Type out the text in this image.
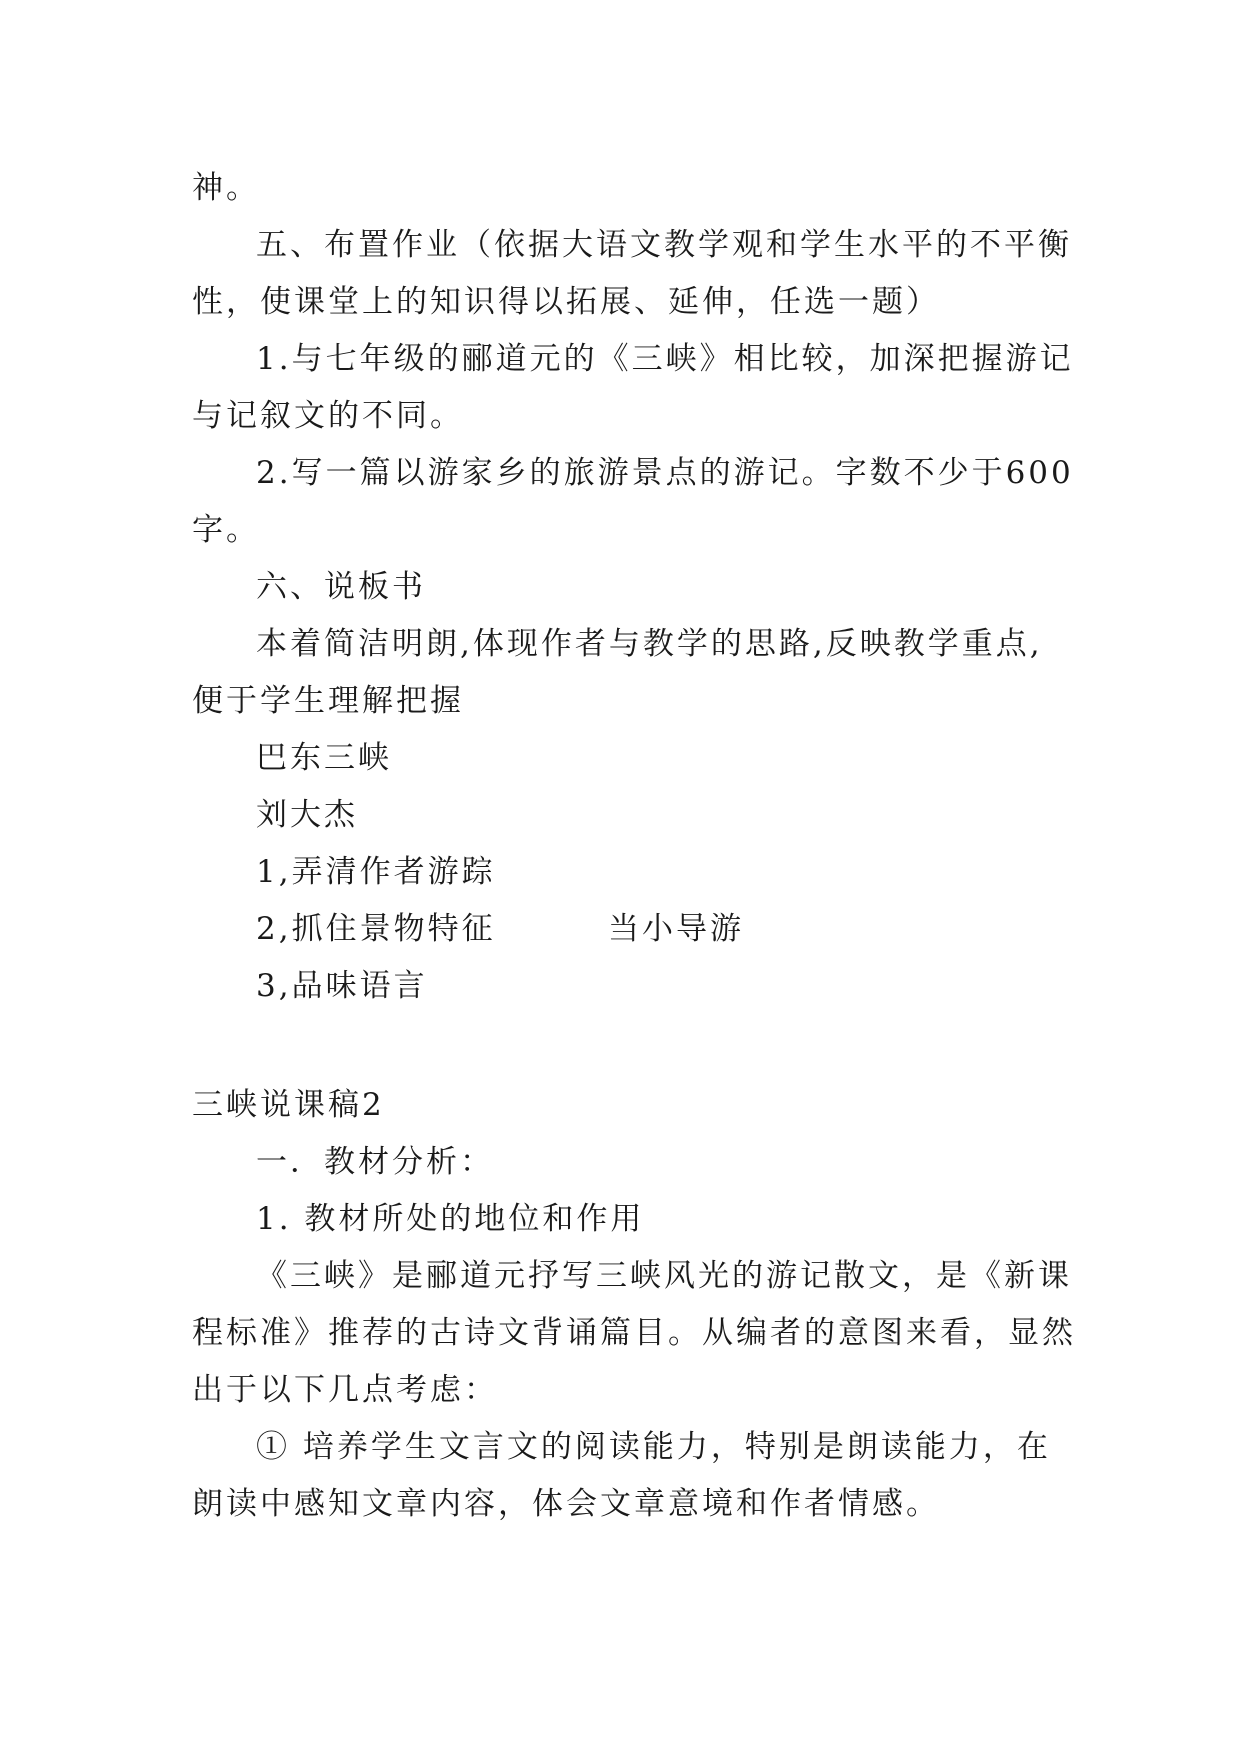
神。
五、布置作业（依据大语文教学观和学生水平的不平衡
性，使课堂上的知识得以拓展、延伸，任选一题）
1.与七年级的郦道元的《三峡》相比较，加深把握游记
与记叙文的不同。
2.写一篇以游家乡的旅游景点的游记。字数不少于600
字。
六、说板书
本着简洁明朗,体现作者与教学的思路,反映教学重点,
便于学生理解把握
巴东三峡
刘大杰
1,弄清作者游踪
2,抓住景物特征	当小导游
3,品味语言
三峡说课稿2
一．教材分析：
1. 教材所处的地位和作用
《三峡》是郦道元抒写三峡风光的游记散文，是《新课
程标准》推荐的古诗文背诵篇目。从编者的意图来看，显然
出于以下几点考虑：
① 培养学生文言文的阅读能力，特别是朗读能力，在
朗读中感知文章内容，体会文章意境和作者情感。
